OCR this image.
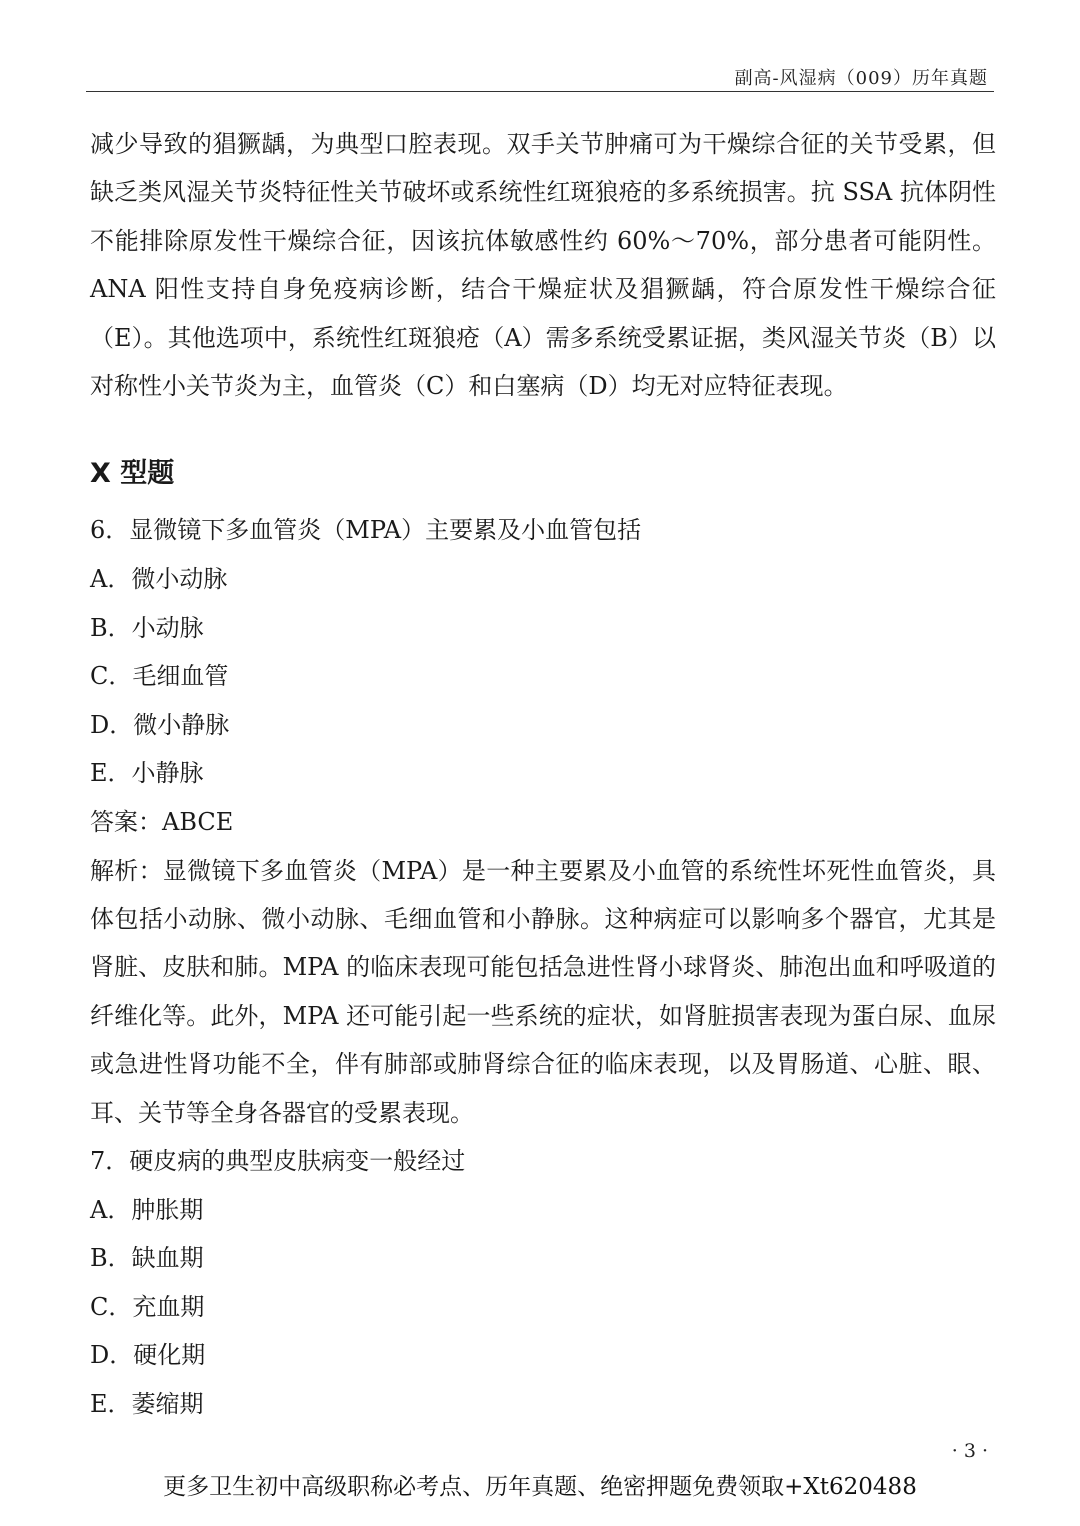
副高-风湿病（009）历年真题

减少导致的猖獗龋，为典型口腔表现。双手关节肿痛可为干燥综合征的关节受累，但缺乏类风湿关节炎特征性关节破坏或系统性红斑狼疮的多系统损害。抗 SSA 抗体阴性不能排除原发性干燥综合征，因该抗体敏感性约 60%～70%，部分患者可能阴性。ANA 阳性支持自身免疫病诊断，结合干燥症状及猖獗龋，符合原发性干燥综合征（E）。其他选项中，系统性红斑狼疮（A）需多系统受累证据，类风湿关节炎（B）以对称性小关节炎为主，血管炎（C）和白塞病（D）均无对应特征表现。

X 型题

6．显微镜下多血管炎（MPA）主要累及小血管包括

A．微小动脉

B．小动脉

C．毛细血管

D．微小静脉

E．小静脉

答案：ABCE

解析：显微镜下多血管炎（MPA）是一种主要累及小血管的系统性坏死性血管炎，具体包括小动脉、微小动脉、毛细血管和小静脉。这种病症可以影响多个器官，尤其是肾脏、皮肤和肺。MPA 的临床表现可能包括急进性肾小球肾炎、肺泡出血和呼吸道的纤维化等。此外，MPA 还可能引起一些系统的症状，如肾脏损害表现为蛋白尿、血尿或急进性肾功能不全，伴有肺部或肺肾综合征的临床表现，以及胃肠道、心脏、眼、耳、关节等全身各器官的受累表现。

7．硬皮病的典型皮肤病变一般经过

A．肿胀期

B．缺血期

C．充血期

D．硬化期

E．萎缩期

· 3 ·
更多卫生初中高级职称必考点、历年真题、绝密押题免费领取+Xt620488
